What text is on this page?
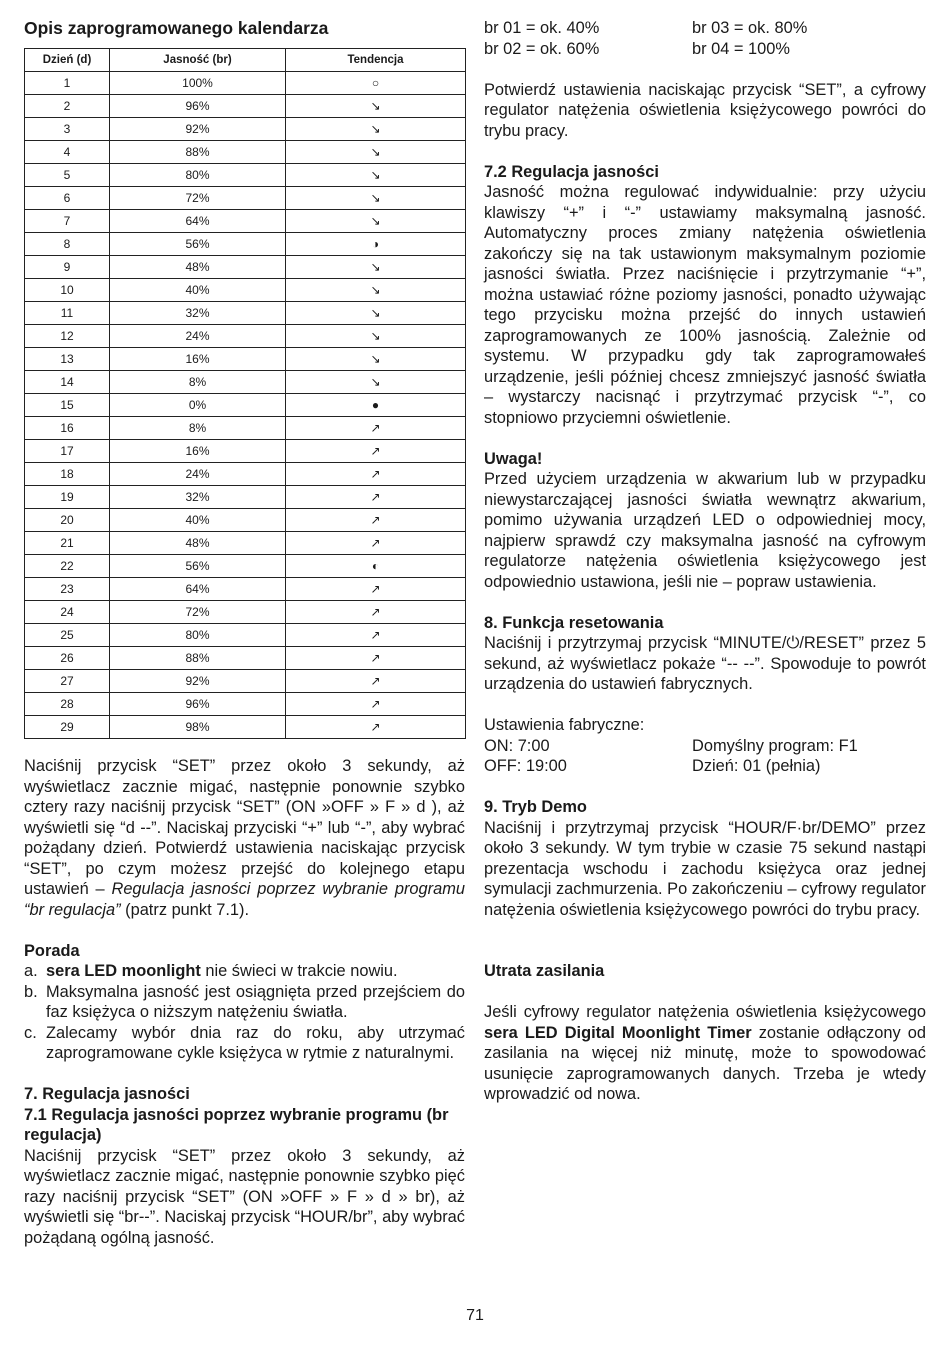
Opis zaprogramowanego kalendarza
Dzień (d)	Jasność (br)	Tendencja
1	100%	○
2	96%	↘
3	92%	↘
4	88%	↘
5	80%	↘
6	72%	↘
7	64%	↘
8	56%	◑
9	48%	↘
10	40%	↘
11	32%	↘
12	24%	↘
13	16%	↘
14	8%	↘
15	0%	●
16	8%	↗
17	16%	↗
18	24%	↗
19	32%	↗
20	40%	↗
21	48%	↗
22	56%	◐
23	64%	↗
24	72%	↗
25	80%	↗
26	88%	↗
27	92%	↗
28	96%	↗
29	98%	↗
Naciśnij przycisk “SET” przez około 3 sekundy, aż wyświetlacz zacznie migać, następnie ponownie szybko cztery razy naciśnij przycisk “SET” (ON »OFF » F » d ), aż wyświetli się “d --”. Naciskaj przyciski “+” lub “-”, aby wybrać pożądany dzień. Potwierdź ustawienia naciskając przycisk “SET”, po czym możesz przejść do kolejnego etapu ustawień – Regulacja jasności poprzez wybranie programu “br regulacja” (patrz punkt 7.1).
Porada
a. sera LED moonlight nie świeci w trakcie nowiu.
b. Maksymalna jasność jest osiągnięta przed przejściem do faz księżyca o niższym natężeniu światła.
c. Zalecamy wybór dnia raz do roku, aby utrzymać zaprogramowane cykle księżyca w rytmie z naturalnymi.
7. Regulacja jasności
7.1 Regulacja jasności poprzez wybranie programu (br regulacja)
Naciśnij przycisk “SET” przez około 3 sekundy, aż wyświetlacz zacznie migać, następnie ponownie szybko pięć razy naciśnij przycisk “SET” (ON »OFF » F » d » br), aż wyświetli się “br--”. Naciskaj przycisk “HOUR/br”, aby wybrać pożądaną ogólną jasność.
br 01 = ok. 40%	br 03 = ok. 80%
br 02 = ok. 60%	br 04 = 100%
Potwierdź ustawienia naciskając przycisk “SET”, a cyfrowy regulator natężenia oświetlenia księżycowego powróci do trybu pracy.
7.2 Regulacja jasności
Jasność można regulować indywidualnie: przy użyciu klawiszy “+” i “-” ustawiamy maksymalną jasność. Automatyczny proces zmiany natężenia oświetlenia zakończy się na tak ustawionym maksymalnym poziomie jasności światła. Przez naciśnięcie i przytrzymanie “+”, można ustawiać różne poziomy jasności, ponadto używając tego przycisku można przejść do innych ustawień zaprogramowanych ze 100% jasnością. Zależnie od systemu. W przypadku gdy tak zaprogramowałeś urządzenie, jeśli później chcesz zmniejszyć jasność światła – wystarczy nacisnąć i przytrzymać przycisk “-”, co stopniowo przyciemni oświetlenie.
Uwaga!
Przed użyciem urządzenia w akwarium lub w przypadku niewystarczającej jasności światła wewnątrz akwarium, pomimo używania urządzeń LED o odpowiedniej mocy, najpierw sprawdź czy maksymalna jasność na cyfrowym regulatorze natężenia oświetlenia księżycowego jest odpowiednio ustawiona, jeśli nie – popraw ustawienia.
8. Funkcja resetowania
Naciśnij i przytrzymaj przycisk “MINUTE/⏻/RESET” przez 5 sekund, aż wyświetlacz pokaże “-- --”. Spowoduje to powrót urządzenia do ustawień fabrycznych.
Ustawienia fabryczne:
ON: 7:00	Domyślny program: F1
OFF: 19:00	Dzień: 01 (pełnia)
9. Tryb Demo
Naciśnij i przytrzymaj przycisk “HOUR/F·br/DEMO” przez około 3 sekundy. W tym trybie w czasie 75 sekund nastąpi prezentacja wschodu i zachodu księżyca oraz jednej symulacji zachmurzenia. Po zakończeniu – cyfrowy regulator natężenia oświetlenia księżycowego powróci do trybu pracy.
Utrata zasilania
Jeśli cyfrowy regulator natężenia oświetlenia księżycowego sera LED Digital Moonlight Timer zostanie odłączony od zasilania na więcej niż minutę, może to spowodować usunięcie zaprogramowanych danych. Trzeba je wtedy wprowadzić od nowa.
71
